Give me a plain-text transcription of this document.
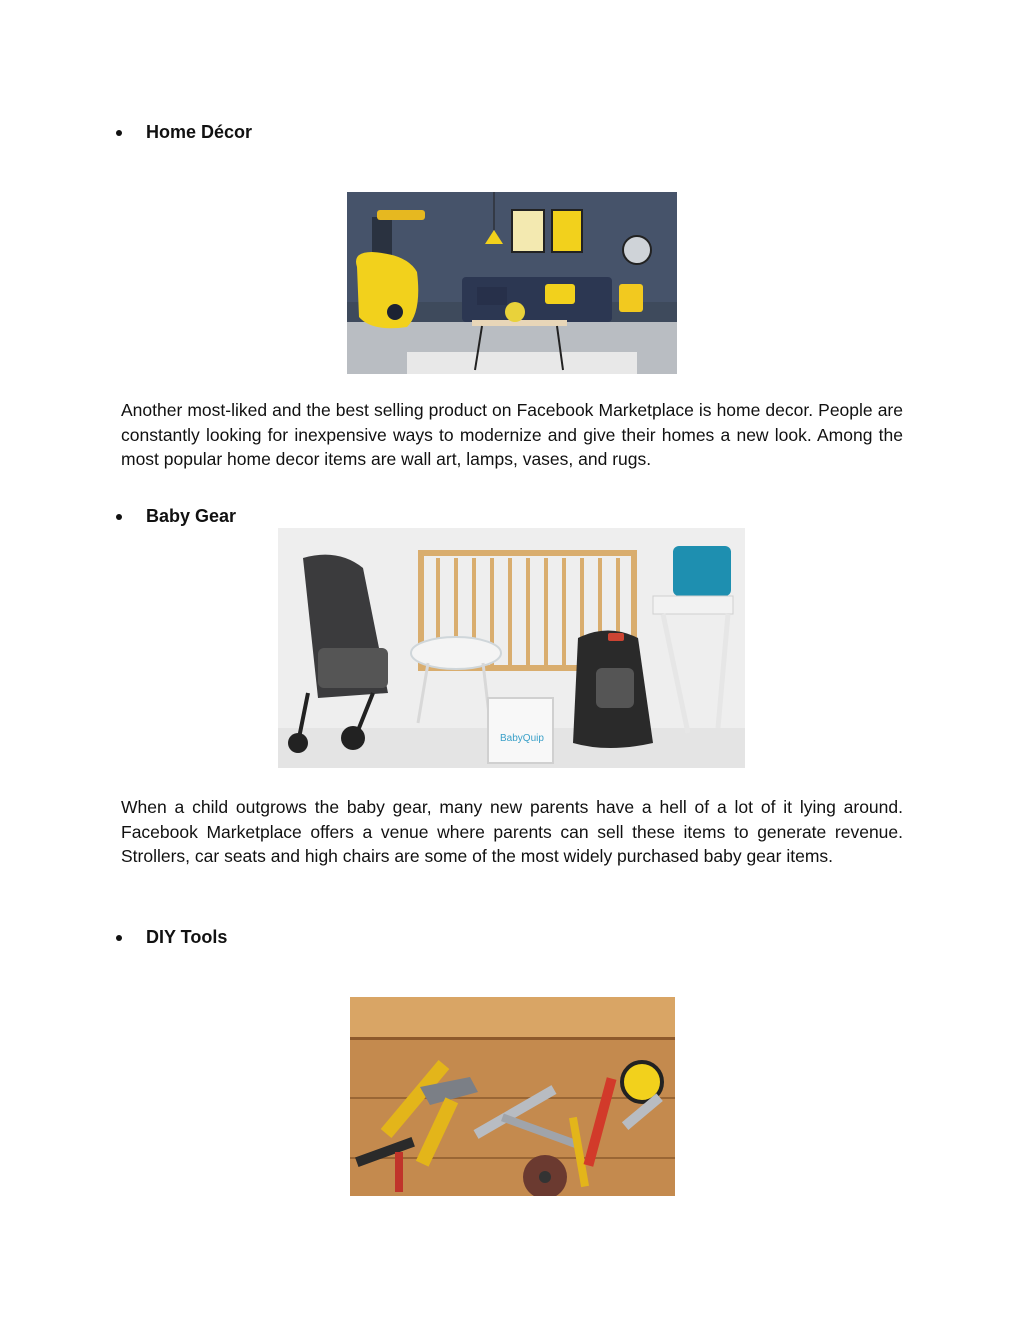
Home Décor

Another most-liked and the best selling product on Facebook Marketplace is home decor. People are constantly looking for inexpensive ways to modernize and give their homes a new look. Among the most popular home decor items are wall art, lamps, vases, and rugs.

Baby Gear
BabyQuip

When a child outgrows the baby gear, many new parents have a hell of a lot of it lying around. Facebook Marketplace offers a venue where parents can sell these items to generate revenue. Strollers, car seats and high chairs are some of the most widely purchased baby gear items.

DIY Tools
